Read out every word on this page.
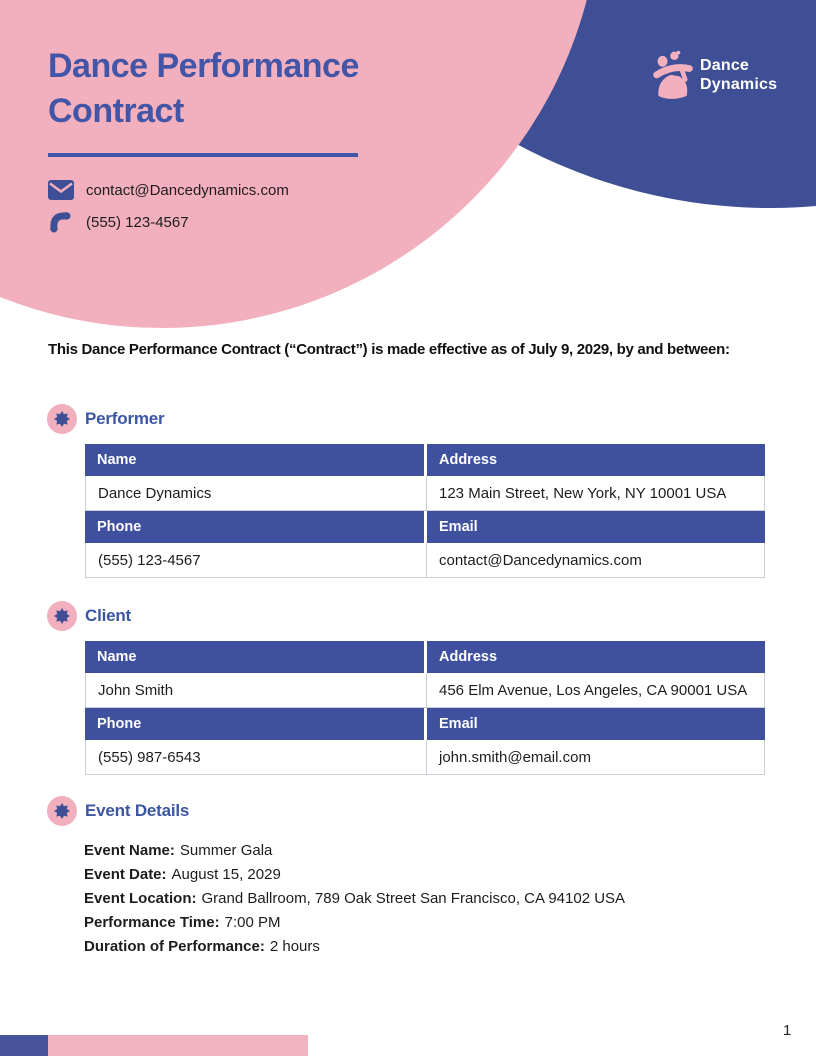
Dance Performance
Contract
contact@Dancedynamics.com
(555) 123-4567
Dance
Dynamics
This Dance Performance Contract (“Contract”) is made effective as of July 9, 2029, by and between:
Performer
Name	Address
Dance Dynamics	123 Main Street, New York, NY 10001 USA
Phone	Email
(555) 123-4567	contact@Dancedynamics.com
Client
Name	Address
John Smith	456 Elm Avenue, Los Angeles, CA 90001 USA
Phone	Email
(555) 987-6543	john.smith@email.com
Event Details
Event Name: Summer Gala
Event Date: August 15, 2029
Event Location: Grand Ballroom, 789 Oak Street San Francisco, CA 94102 USA
Performance Time: 7:00 PM
Duration of Performance: 2 hours
1
